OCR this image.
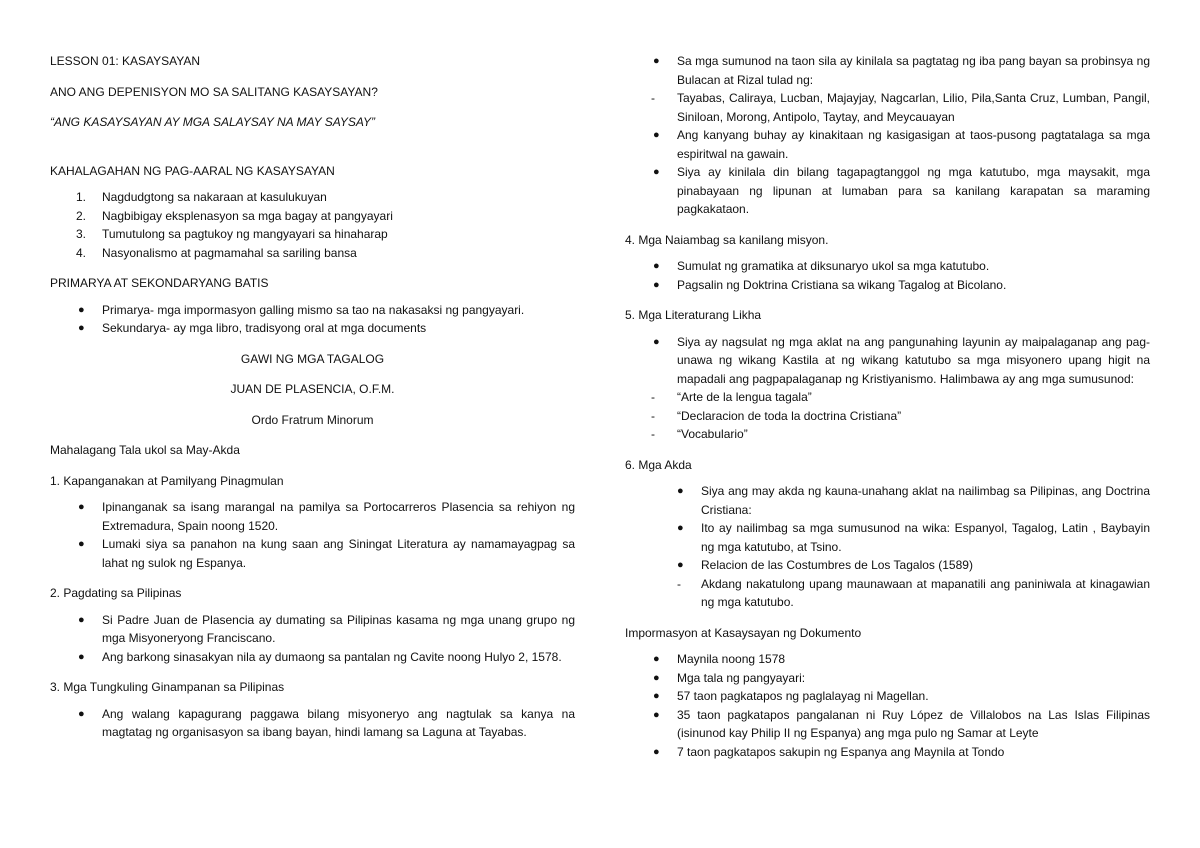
LESSON 01: KASAYSAYAN

ANO ANG DEPENISYON MO SA SALITANG KASAYSAYAN?

“ANG KASAYSAYAN AY MGA SALAYSAY NA MAY SAYSAY”

KAHALAGAHAN NG PAG-AARAL NG KASAYSAYAN

1. Nagdudgtong sa nakaraan at kasulukuyan
2. Nagbibigay eksplenasyon sa mga bagay at pangyayari
3. Tumutulong sa pagtukoy ng mangyayari sa hinaharap
4. Nasyonalismo at pagmamahal sa sariling bansa

PRIMARYA AT SEKONDARYANG BATIS

● Primarya- mga impormasyon galling mismo sa tao na nakasaksi ng pangyayari.
● Sekundarya- ay mga libro, tradisyong oral at mga documents

GAWI NG MGA TAGALOG

JUAN DE PLASENCIA, O.F.M.

Ordo Fratrum Minorum

Mahalagang Tala ukol sa May-Akda

1. Kapanganakan at Pamilyang Pinagmulan

● Ipinanganak sa isang marangal na pamilya sa Portocarreros Plasencia sa rehiyon ng Extremadura, Spain noong 1520.
● Lumaki siya sa panahon na kung saan ang Siningat Literatura ay namamayagpag sa lahat ng sulok ng Espanya.

2. Pagdating sa Pilipinas

● Si Padre Juan de Plasencia ay dumating sa Pilipinas kasama ng mga unang grupo ng mga Misyoneryong Franciscano.
● Ang barkong sinasakyan nila ay dumaong sa pantalan ng Cavite noong Hulyo 2, 1578.

3. Mga Tungkuling Ginampanan sa Pilipinas

● Ang walang kapagurang paggawa bilang misyoneryo ang nagtulak sa kanya na magtatag ng organisasyon sa ibang bayan, hindi lamang sa Laguna at Tayabas.
● Sa mga sumunod na taon sila ay kinilala sa pagtatag ng iba pang bayan sa probinsya ng Bulacan at Rizal tulad ng:
- Tayabas, Caliraya, Lucban, Majayjay, Nagcarlan, Lilio, Pila,Santa Cruz, Lumban, Pangil, Siniloan, Morong, Antipolo, Taytay, and Meycauayan
● Ang kanyang buhay ay kinakitaan ng kasigasigan at taos-pusong pagtatalaga sa mga espiritwal na gawain.
● Siya ay kinilala din bilang tagapagtanggol ng mga katutubo, mga maysakit, mga pinabayaan ng lipunan at lumaban para sa kanilang karapatan sa maraming pagkakataon.

4. Mga Naiambag sa kanilang misyon.

● Sumulat ng gramatika at diksunaryo ukol sa mga katutubo.
● Pagsalin ng Doktrina Cristiana sa wikang Tagalog at Bicolano.

5. Mga Literaturang Likha

● Siya ay nagsulat ng mga aklat na ang pangunahing layunin ay maipalaganap ang pag-unawa ng wikang Kastila at ng wikang katutubo sa mga misyonero upang higit na mapadali ang pagpapalaganap ng Kristiyanismo. Halimbawa ay ang mga sumusunod:
- “Arte de la lengua tagala”
- “Declaracion de toda la doctrina Cristiana”
- “Vocabulario”

6. Mga Akda

● Siya ang may akda ng kauna-unahang aklat na nailimbag sa Pilipinas, ang Doctrina Cristiana:
● Ito ay nailimbag sa mga sumusunod na wika: Espanyol, Tagalog, Latin , Baybayin ng mga katutubo, at Tsino.
● Relacion de las Costumbres de Los Tagalos (1589)
- Akdang nakatulong upang maunawaan at mapanatili ang paniniwala at kinagawian ng mga katutubo.

Impormasyon at Kasaysayan ng Dokumento

● Maynila noong 1578
● Mga tala ng pangyayari:
● 57 taon pagkatapos ng paglalayag ni Magellan.
● 35 taon pagkatapos pangalanan ni Ruy López de Villalobos na Las Islas Filipinas (isinunod kay Philip II ng Espanya) ang mga pulo ng Samar at Leyte
● 7 taon pagkatapos sakupin ng Espanya ang Maynila at Tondo
